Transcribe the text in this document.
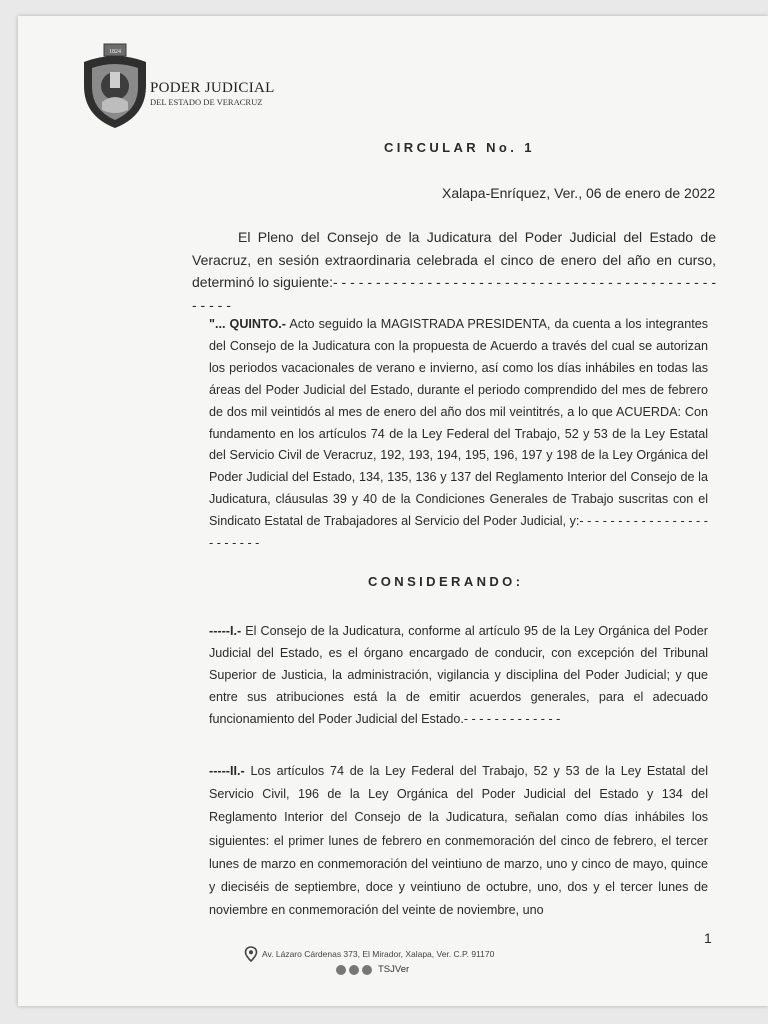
1824
PODER JUDICIAL
DEL ESTADO DE VERACRUZ
CIRCULAR No. 1
Xalapa-Enríquez, Ver., 06 de enero de 2022
El Pleno del Consejo de la Judicatura del Poder Judicial del Estado de Veracruz, en sesión extraordinaria celebrada el cinco de enero del año en curso, determinó lo siguiente:- - - - - - - - - - - - - - - - - - - - - - - - - - - - - - - - - - - - - - - - - - - - - - - - - -
"... QUINTO.- Acto seguido la MAGISTRADA PRESIDENTA, da cuenta a los integrantes del Consejo de la Judicatura con la propuesta de Acuerdo a través del cual se autorizan los periodos vacacionales de verano e invierno, así como los días inhábiles en todas las áreas del Poder Judicial del Estado, durante el periodo comprendido del mes de febrero de dos mil veintidós al mes de enero del año dos mil veintitrés, a lo que ACUERDA: Con fundamento en los artículos 74 de la Ley Federal del Trabajo, 52 y 53 de la Ley Estatal del Servicio Civil de Veracruz, 192, 193, 194, 195, 196, 197 y 198 de la Ley Orgánica del Poder Judicial del Estado, 134, 135, 136 y 137 del Reglamento Interior del Consejo de la Judicatura, cláusulas 39 y 40 de la Condiciones Generales de Trabajo suscritas con el Sindicato Estatal de Trabajadores al Servicio del Poder Judicial, y:- - - - - - - - - - - - - - - - - - - - - - - -
CONSIDERANDO:
-----I.- El Consejo de la Judicatura, conforme al artículo 95 de la Ley Orgánica del Poder Judicial del Estado, es el órgano encargado de conducir, con excepción del Tribunal Superior de Justicia, la administración, vigilancia y disciplina del Poder Judicial; y que entre sus atribuciones está la de emitir acuerdos generales, para el adecuado funcionamiento del Poder Judicial del Estado.- - - - - - - - - - - - -
-----II.- Los artículos 74 de la Ley Federal del Trabajo, 52 y 53 de la Ley Estatal del Servicio Civil, 196 de la Ley Orgánica del Poder Judicial del Estado y 134 del Reglamento Interior del Consejo de la Judicatura, señalan como días inhábiles los siguientes: el primer lunes de febrero en conmemoración del cinco de febrero, el tercer lunes de marzo en conmemoración del veintiuno de marzo, uno y cinco de mayo, quince y dieciséis de septiembre, doce y veintiuno de octubre, uno, dos y el tercer lunes de noviembre en conmemoración del veinte de noviembre, uno
1
Av. Lázaro Cárdenas 373, El Mirador, Xalapa, Ver. C.P. 91170
TSJVer
